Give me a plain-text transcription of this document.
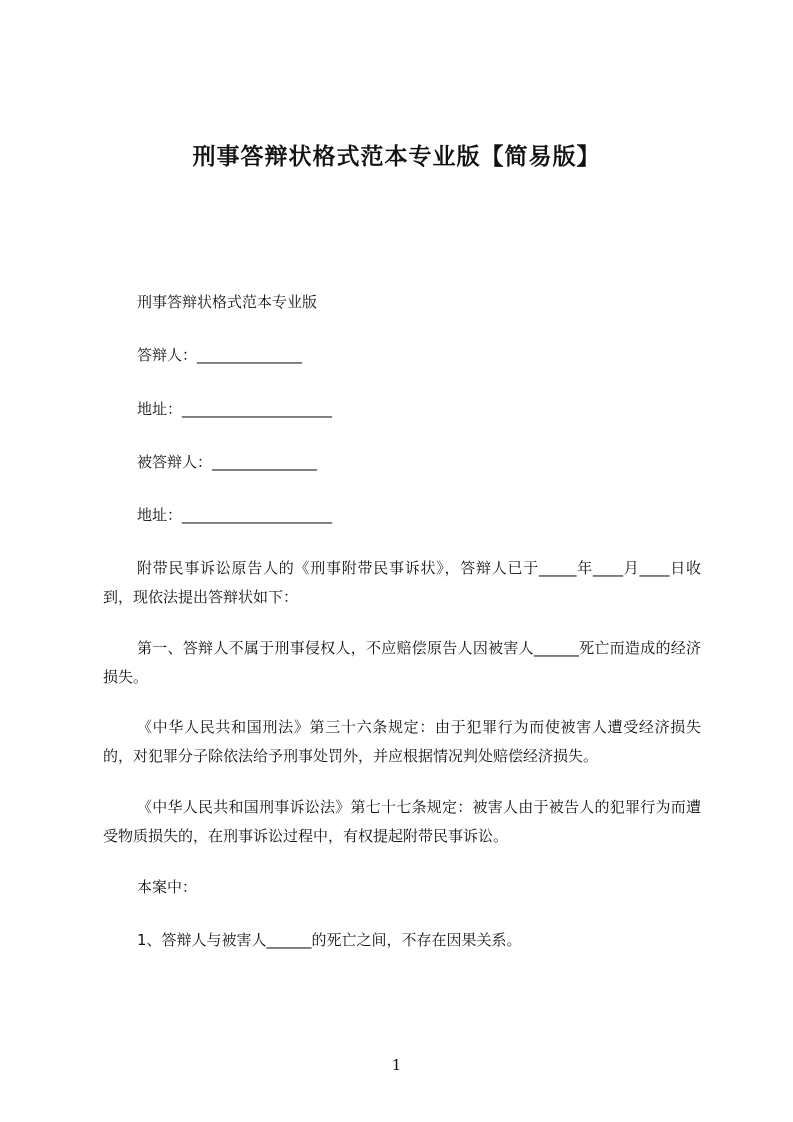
刑事答辩状格式范本专业版【简易版】

刑事答辩状格式范本专业版

答辩人：______________

地址：____________________

被答辩人：______________

地址：____________________

附带民事诉讼原告人的《刑事附带民事诉状》，答辩人已于_____年____月____日收到，现依法提出答辩状如下：

第一、答辩人不属于刑事侵权人，不应赔偿原告人因被害人______死亡而造成的经济损失。

《中华人民共和国刑法》第三十六条规定：由于犯罪行为而使被害人遭受经济损失的，对犯罪分子除依法给予刑事处罚外，并应根据情况判处赔偿经济损失。

《中华人民共和国刑事诉讼法》第七十七条规定：被害人由于被告人的犯罪行为而遭受物质损失的，在刑事诉讼过程中，有权提起附带民事诉讼。

本案中：

1、答辩人与被害人______的死亡之间，不存在因果关系。

1
